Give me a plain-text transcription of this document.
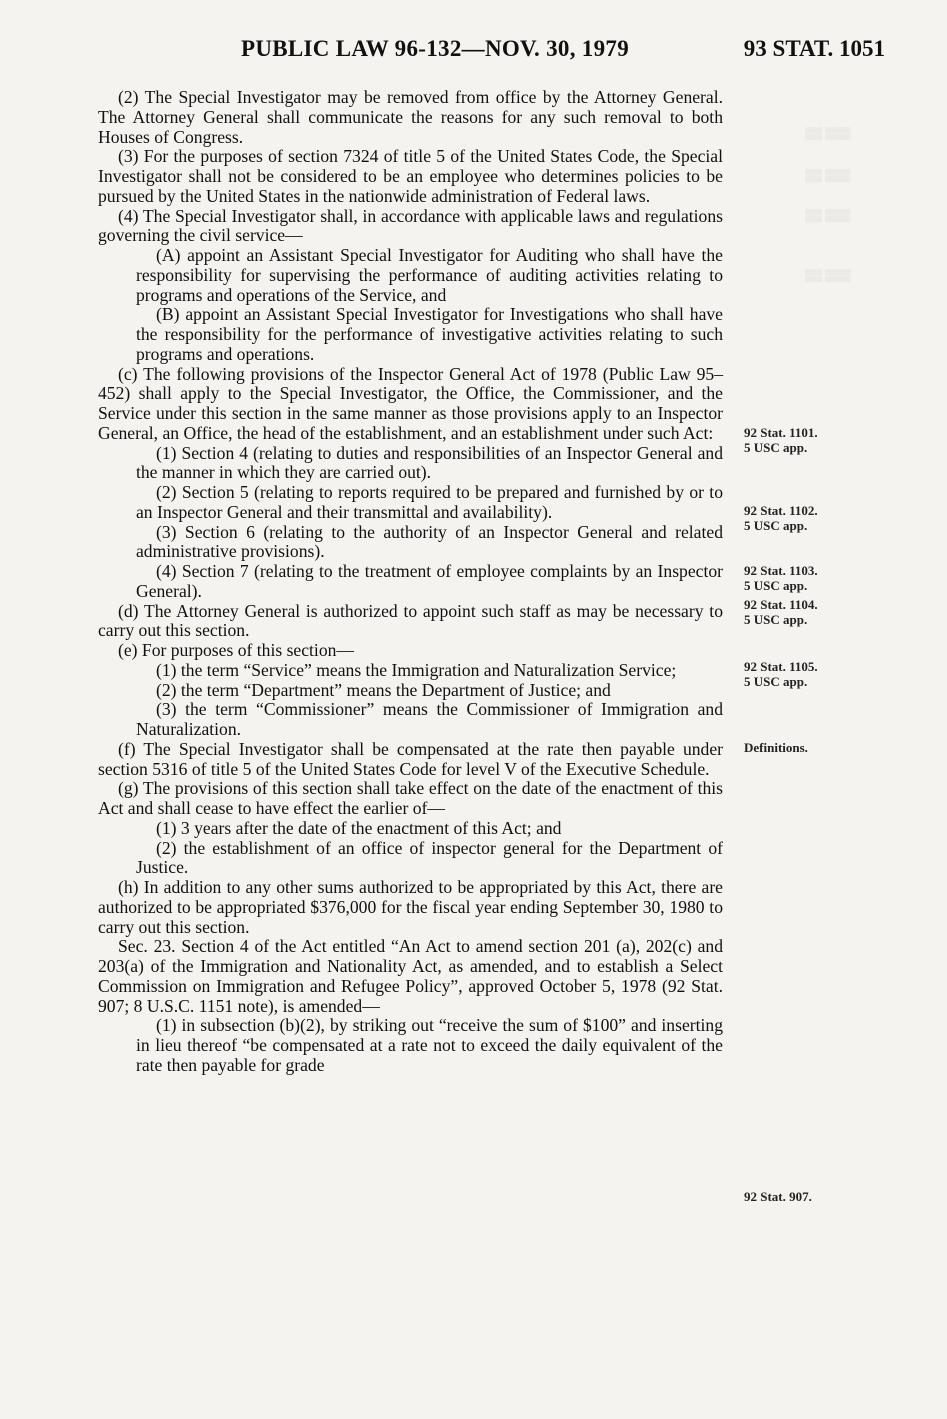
PUBLIC LAW 96-132—NOV. 30, 1979	93 STAT. 1051
▒▒ ▒▒▒
▒▒ ▒▒▒
▒▒ ▒▒▒
▒▒ ▒▒▒

(2) The Special Investigator may be removed from office by the Attorney General. The Attorney General shall communicate the reasons for any such removal to both Houses of Congress.

(3) For the purposes of section 7324 of title 5 of the United States Code, the Special Investigator shall not be considered to be an employee who determines policies to be pursued by the United States in the nationwide administration of Federal laws.

(4) The Special Investigator shall, in accordance with applicable laws and regulations governing the civil service—

(A) appoint an Assistant Special Investigator for Auditing who shall have the responsibility for supervising the performance of auditing activities relating to programs and operations of the Service, and

(B) appoint an Assistant Special Investigator for Investigations who shall have the responsibility for the performance of investigative activities relating to such programs and operations.

(c) The following provisions of the Inspector General Act of 1978 (Public Law 95–452) shall apply to the Special Investigator, the Office, the Commissioner, and the Service under this section in the same manner as those provisions apply to an Inspector General, an Office, the head of the establishment, and an establishment under such Act:

(1) Section 4 (relating to duties and responsibilities of an Inspector General and the manner in which they are carried out).

(2) Section 5 (relating to reports required to be prepared and furnished by or to an Inspector General and their transmittal and availability).

(3) Section 6 (relating to the authority of an Inspector General and related administrative provisions).

(4) Section 7 (relating to the treatment of employee complaints by an Inspector General).

(d) The Attorney General is authorized to appoint such staff as may be necessary to carry out this section.

(e) For purposes of this section—

(1) the term “Service” means the Immigration and Naturalization Service;

(2) the term “Department” means the Department of Justice; and

(3) the term “Commissioner” means the Commissioner of Immigration and Naturalization.

(f) The Special Investigator shall be compensated at the rate then payable under section 5316 of title 5 of the United States Code for level V of the Executive Schedule.

(g) The provisions of this section shall take effect on the date of the enactment of this Act and shall cease to have effect the earlier of—

(1) 3 years after the date of the enactment of this Act; and

(2) the establishment of an office of inspector general for the Department of Justice.

(h) In addition to any other sums authorized to be appropriated by this Act, there are authorized to be appropriated $376,000 for the fiscal year ending September 30, 1980 to carry out this section.

Sec. 23. Section 4 of the Act entitled “An Act to amend section 201 (a), 202(c) and 203(a) of the Immigration and Nationality Act, as amended, and to establish a Select Commission on Immigration and Refugee Policy”, approved October 5, 1978 (92 Stat. 907; 8 U.S.C. 1151 note), is amended—

(1) in subsection (b)(2), by striking out “receive the sum of $100” and inserting in lieu thereof “be compensated at a rate not to exceed the daily equivalent of the rate then payable for grade

92 Stat. 1101.
5 USC app.
92 Stat. 1102.
5 USC app.
92 Stat. 1103.
5 USC app.
92 Stat. 1104.
5 USC app.
92 Stat. 1105.
5 USC app.
Definitions.
92 Stat. 907.
